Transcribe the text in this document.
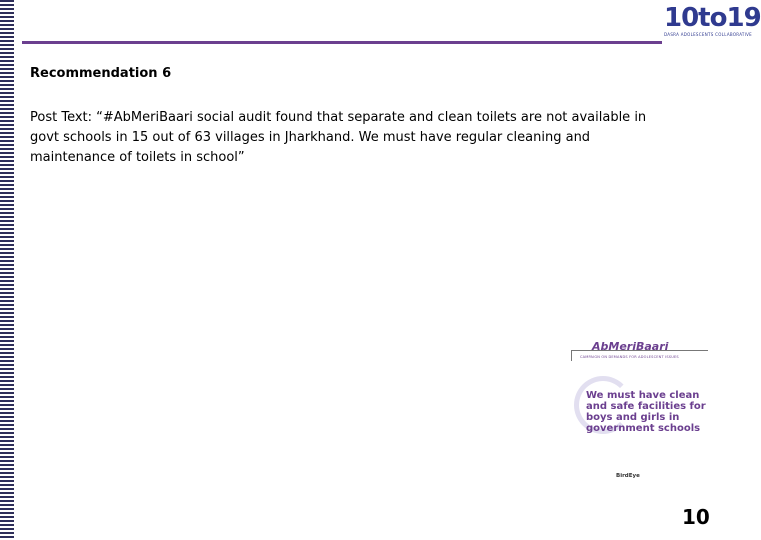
10to19
DASRA ADOLESCENTS COLLABORATIVE
Recommendation 6
Post Text: “#AbMeriBaari social audit found that separate and clean toilets are not available in govt schools in 15 out of 63 villages in Jharkhand. We must have regular cleaning and maintenance of toilets in school”
AbMeriBaari
CAMPAIGN ON DEMANDS FOR ADOLESCENT ISSUES
We must have clean and safe facilities for boys and girls in government schools
BirdEye
10
